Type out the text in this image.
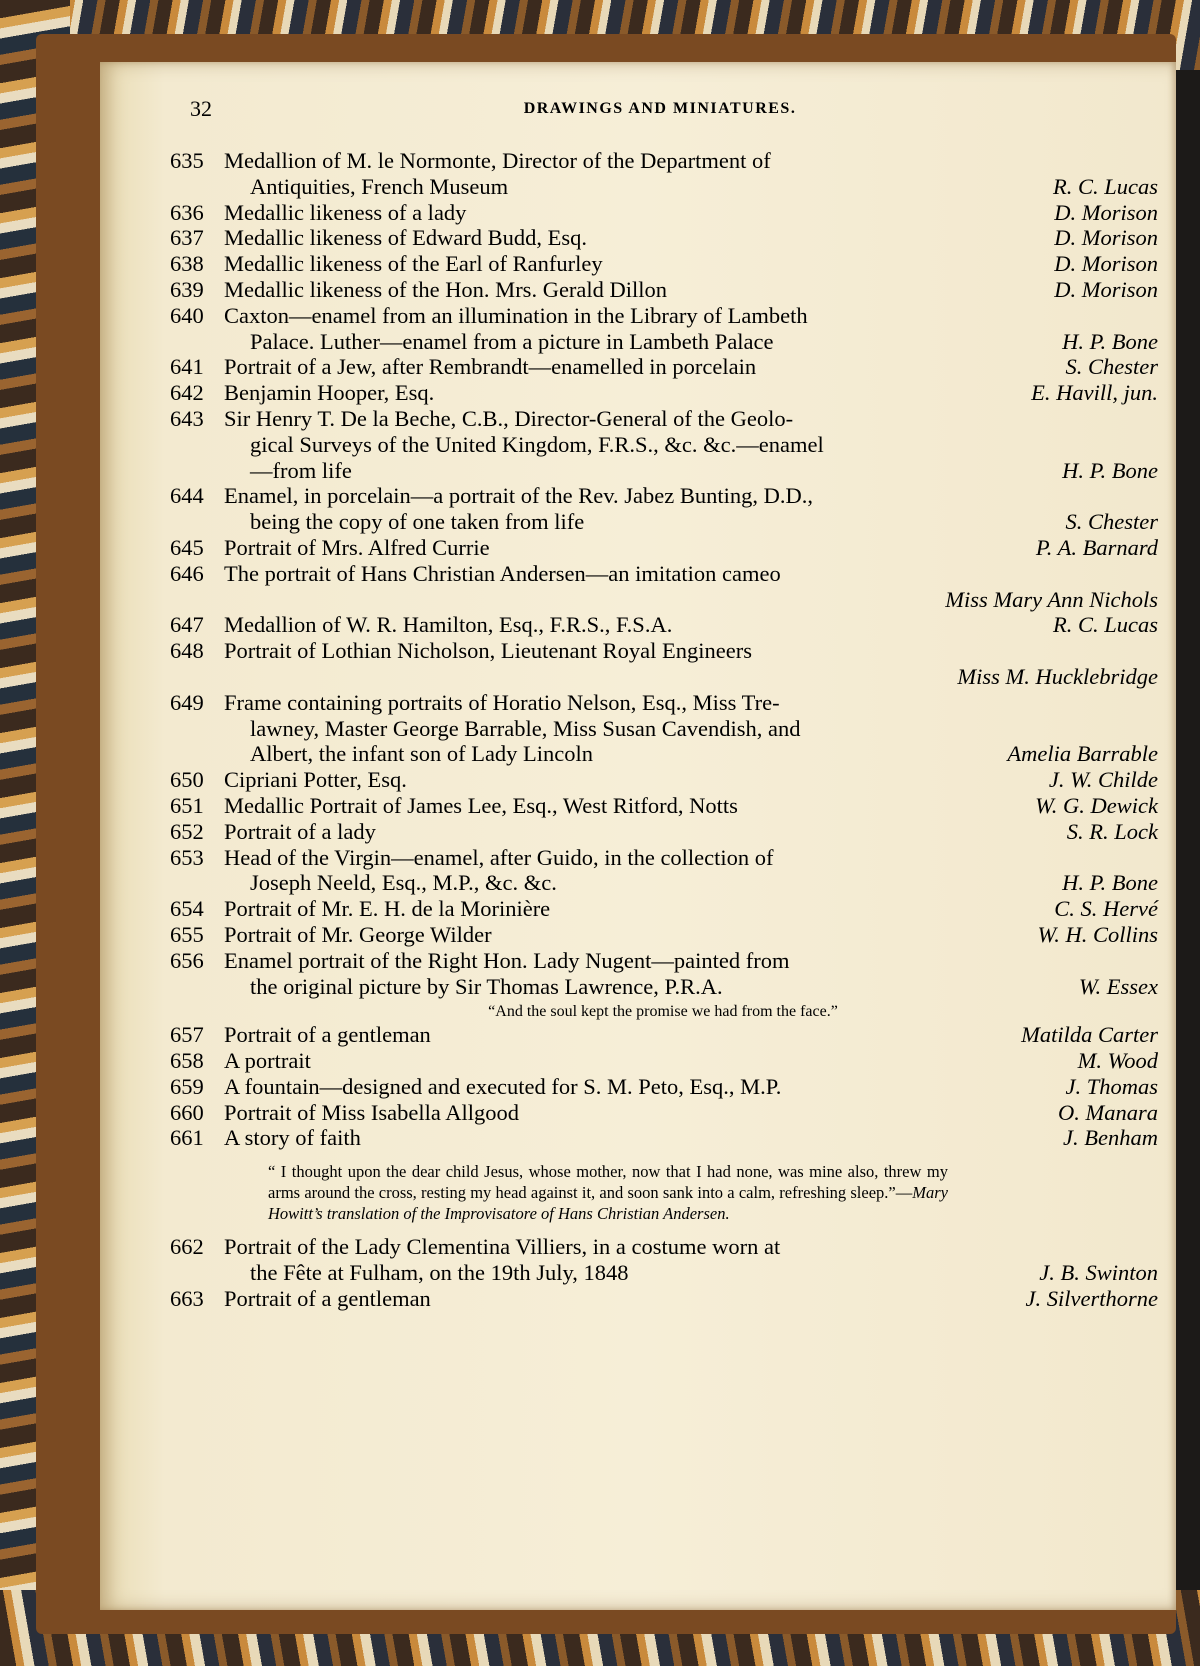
32	DRAWINGS AND MINIATURES.
635 Medallion of M. le Normonte, Director of the Department of
Antiquities, French Museum	R. C. Lucas
636 Medallic likeness of a lady	D. Morison
637 Medallic likeness of Edward Budd, Esq.	D. Morison
638 Medallic likeness of the Earl of Ranfurley	D. Morison
639 Medallic likeness of the Hon. Mrs. Gerald Dillon	D. Morison
640 Caxton—enamel from an illumination in the Library of Lambeth
Palace. Luther—enamel from a picture in Lambeth Palace	H. P. Bone
641 Portrait of a Jew, after Rembrandt—enamelled in porcelain	S. Chester
642 Benjamin Hooper, Esq.	E. Havill, jun.
643 Sir Henry T. De la Beche, C.B., Director-General of the Geolo-
gical Surveys of the United Kingdom, F.R.S., &c. &c.—enamel
—from life	H. P. Bone
644 Enamel, in porcelain—a portrait of the Rev. Jabez Bunting, D.D.,
being the copy of one taken from life	S. Chester
645 Portrait of Mrs. Alfred Currie	P. A. Barnard
646 The portrait of Hans Christian Andersen—an imitation cameo
Miss Mary Ann Nichols
647 Medallion of W. R. Hamilton, Esq., F.R.S., F.S.A.	R. C. Lucas
648 Portrait of Lothian Nicholson, Lieutenant Royal Engineers
Miss M. Hucklebridge
649 Frame containing portraits of Horatio Nelson, Esq., Miss Tre-
lawney, Master George Barrable, Miss Susan Cavendish, and
Albert, the infant son of Lady Lincoln	Amelia Barrable
650 Cipriani Potter, Esq.	J. W. Childe
651 Medallic Portrait of James Lee, Esq., West Ritford, Notts	W. G. Dewick
652 Portrait of a lady	S. R. Lock
653 Head of the Virgin—enamel, after Guido, in the collection of
Joseph Neeld, Esq., M.P., &c. &c.	H. P. Bone
654 Portrait of Mr. E. H. de la Morinière	C. S. Hervé
655 Portrait of Mr. George Wilder	W. H. Collins
656 Enamel portrait of the Right Hon. Lady Nugent—painted from
the original picture by Sir Thomas Lawrence, P.R.A.	W. Essex
“And the soul kept the promise we had from the face.”
657 Portrait of a gentleman	Matilda Carter
658 A portrait	M. Wood
659 A fountain—designed and executed for S. M. Peto, Esq., M.P.	J. Thomas
660 Portrait of Miss Isabella Allgood	O. Manara
661 A story of faith	J. Benham
“ I thought upon the dear child Jesus, whose mother, now that I had none, was mine also, threw my arms around the cross, resting my head against it, and soon sank into a calm, refreshing sleep.”—Mary Howitt’s translation of the Improvisatore of Hans Christian Andersen.
662 Portrait of the Lady Clementina Villiers, in a costume worn at
the Fête at Fulham, on the 19th July, 1848	J. B. Swinton
663 Portrait of a gentleman	J. Silverthorne
